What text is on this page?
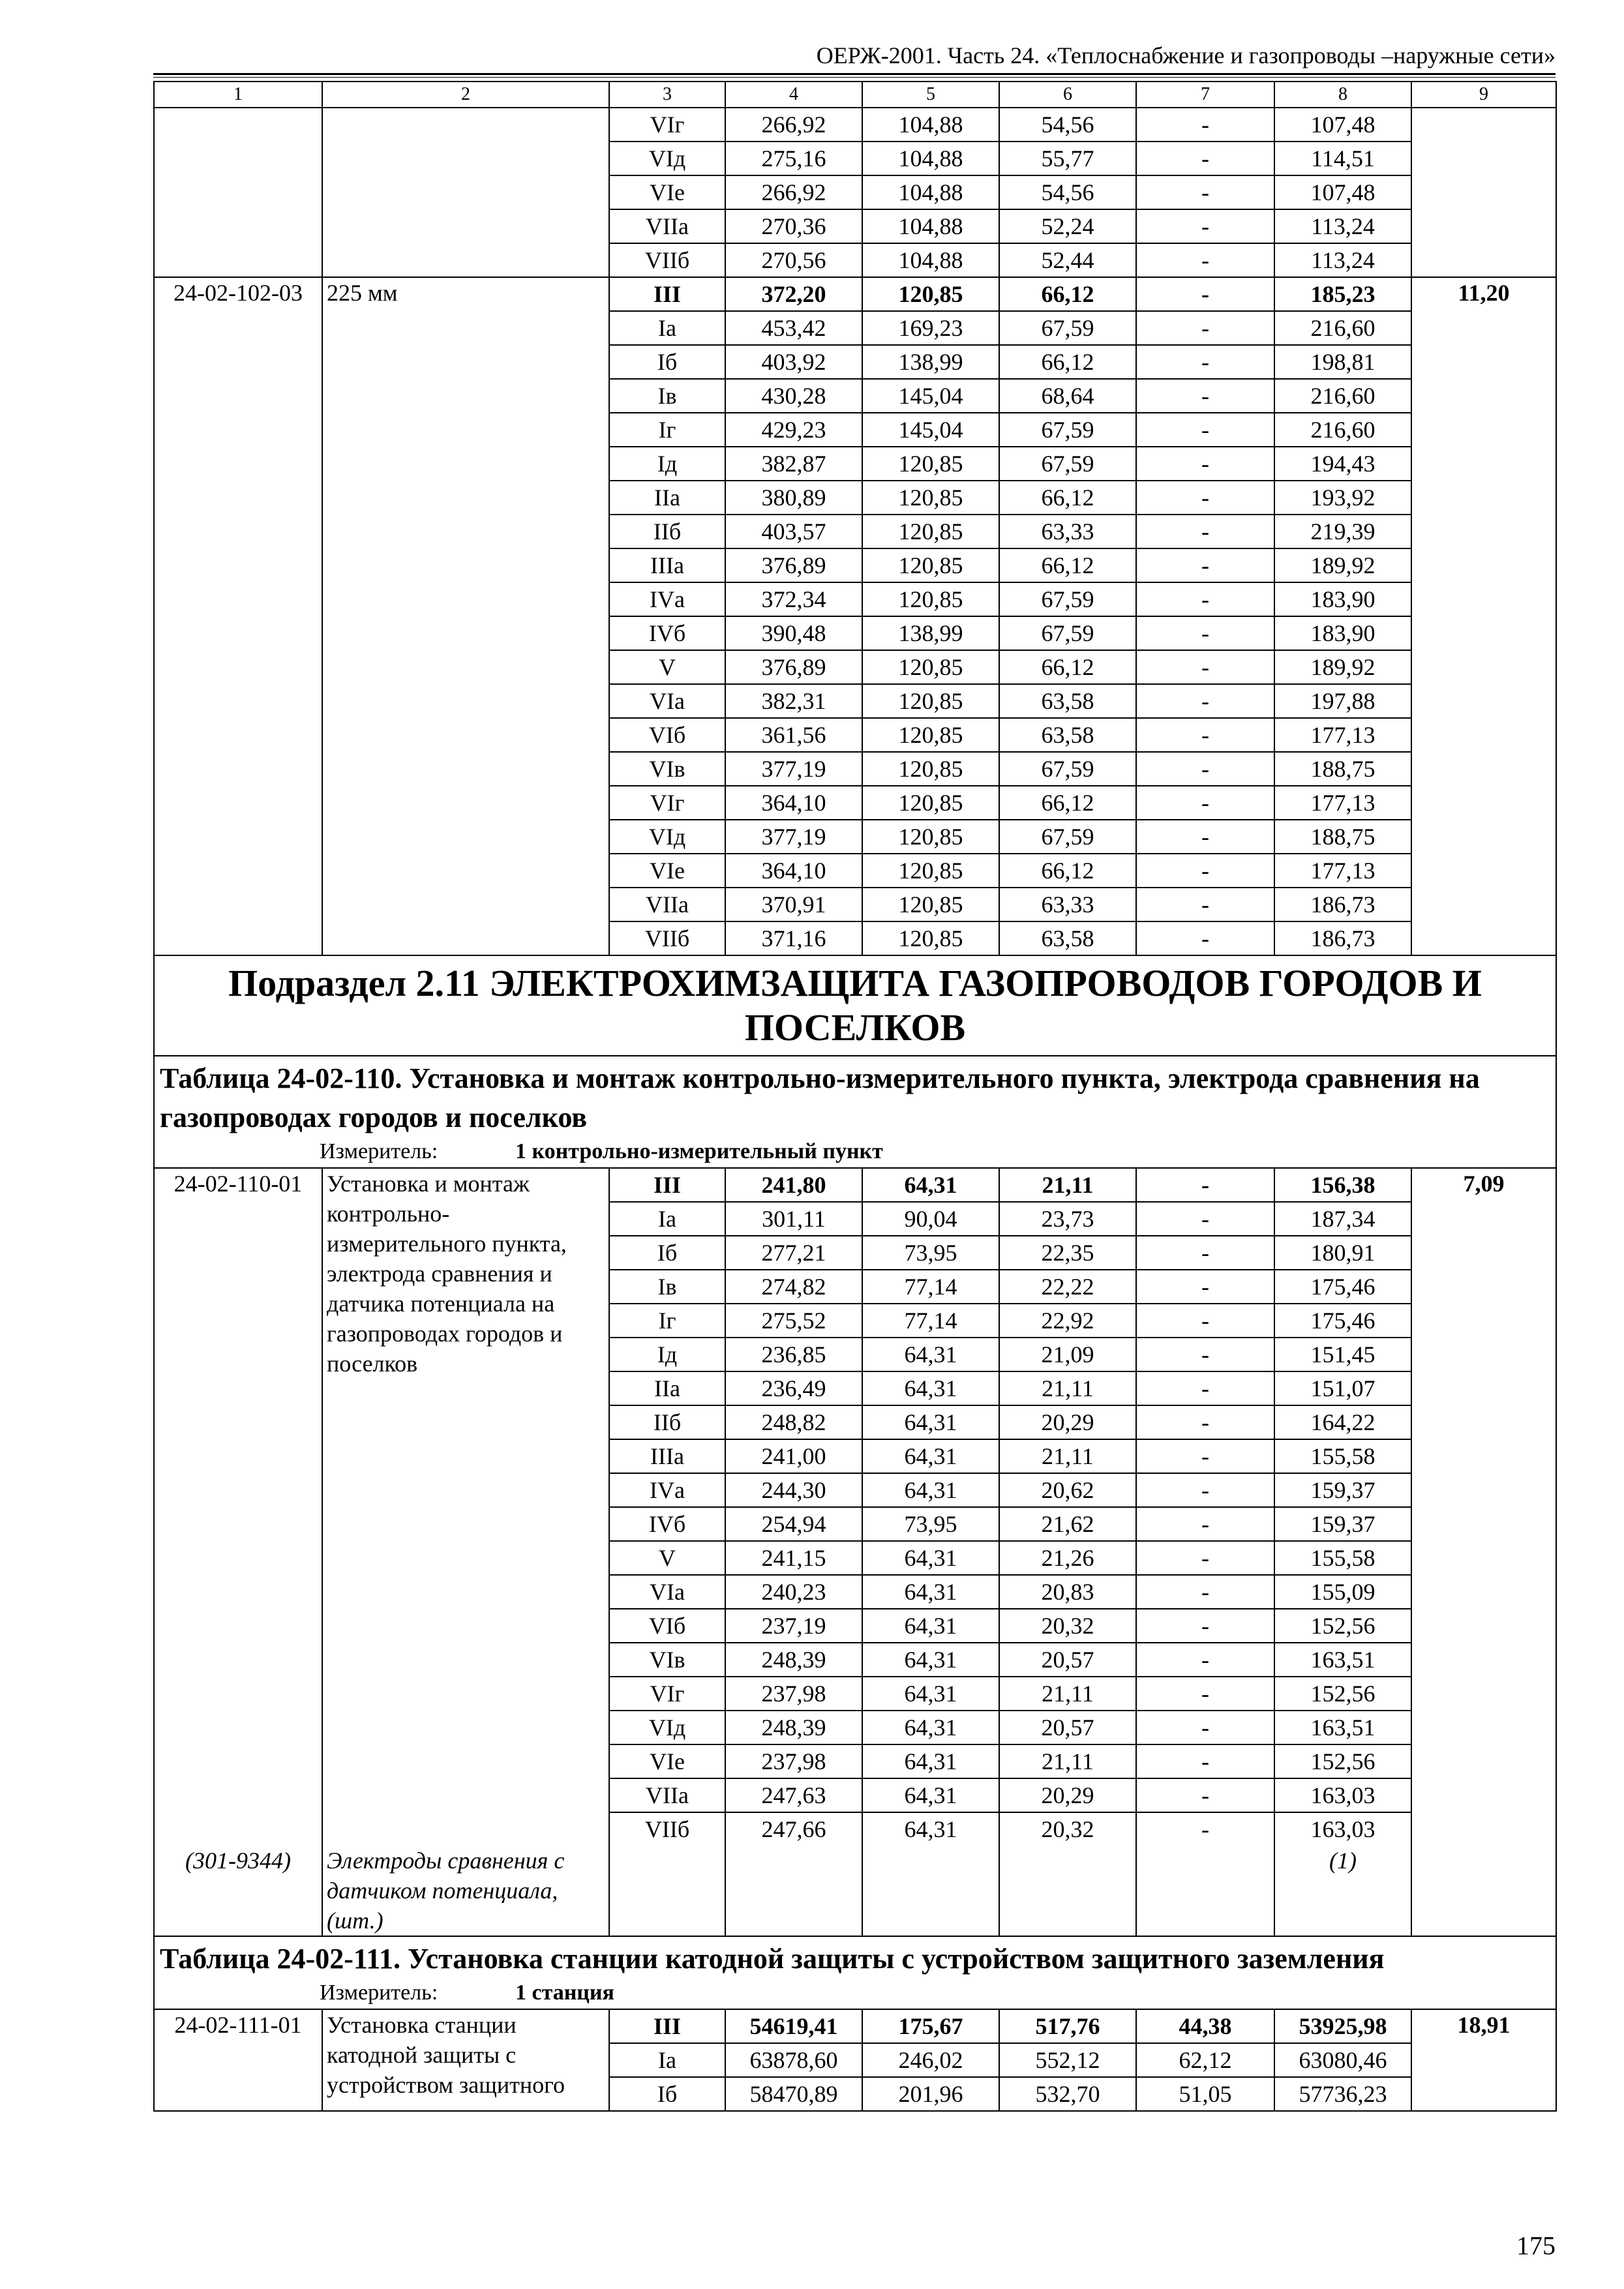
ОЕРЖ-2001. Часть 24. «Теплоснабжение и газопроводы –наружные сети»
1	2	3	4	5	6	7	8	9
		VIг	266,92	104,88	54,56	-	107,48	
		VIд	275,16	104,88	55,77	-	114,51	
		VIе	266,92	104,88	54,56	-	107,48	
		VIIа	270,36	104,88	52,24	-	113,24	
		VIIб	270,56	104,88	52,44	-	113,24	
24-02-102-03	225 мм	III	372,20	120,85	66,12	-	185,23	11,20
		Iа	453,42	169,23	67,59	-	216,60	
		Iб	403,92	138,99	66,12	-	198,81	
		Iв	430,28	145,04	68,64	-	216,60	
		Iг	429,23	145,04	67,59	-	216,60	
		Iд	382,87	120,85	67,59	-	194,43	
		IIа	380,89	120,85	66,12	-	193,92	
		IIб	403,57	120,85	63,33	-	219,39	
		IIIа	376,89	120,85	66,12	-	189,92	
		IVа	372,34	120,85	67,59	-	183,90	
		IVб	390,48	138,99	67,59	-	183,90	
		V	376,89	120,85	66,12	-	189,92	
		VIа	382,31	120,85	63,58	-	197,88	
		VIб	361,56	120,85	63,58	-	177,13	
		VIв	377,19	120,85	67,59	-	188,75	
		VIг	364,10	120,85	66,12	-	177,13	
		VIд	377,19	120,85	67,59	-	188,75	
		VIе	364,10	120,85	66,12	-	177,13	
		VIIа	370,91	120,85	63,33	-	186,73	
		VIIб	371,16	120,85	63,58	-	186,73	
Подраздел 2.11 ЭЛЕКТРОХИМЗАЩИТА ГАЗОПРОВОДОВ ГОРОДОВ И ПОСЕЛКОВ								

Таблица 24-02-110. Установка и монтаж контрольно-измерительного пункта, электрода сравнения на газопроводах городов и поселков
Измеритель: 1 контрольно-измерительный пункт								

24-02-110-01	Установка и монтаж контрольно-измерительного пункта, электрода сравнения и датчика потенциала на газопроводах городов и поселков	III	241,80	64,31	21,11	-	156,38	7,09
		Iа	301,11	90,04	23,73	-	187,34	
		Iб	277,21	73,95	22,35	-	180,91	
		Iв	274,82	77,14	22,22	-	175,46	
		Iг	275,52	77,14	22,92	-	175,46	
		Iд	236,85	64,31	21,09	-	151,45	
		IIа	236,49	64,31	21,11	-	151,07	
		IIб	248,82	64,31	20,29	-	164,22	
		IIIа	241,00	64,31	21,11	-	155,58	
		IVа	244,30	64,31	20,62	-	159,37	
		IVб	254,94	73,95	21,62	-	159,37	
		V	241,15	64,31	21,26	-	155,58	
		VIа	240,23	64,31	20,83	-	155,09	
		VIб	237,19	64,31	20,32	-	152,56	
		VIв	248,39	64,31	20,57	-	163,51	
		VIг	237,98	64,31	21,11	-	152,56	
		VIд	248,39	64,31	20,57	-	163,51	
		VIе	237,98	64,31	21,11	-	152,56	
		VIIа	247,63	64,31	20,29	-	163,03	
		VIIб	247,66	64,31	20,32	-	163,03	
(301-9344)	Электроды сравнения с датчиком потенциала, (шт.)						(1)	

Таблица 24-02-111. Установка станции катодной защиты с устройством защитного заземления
Измеритель: 1 станция								

24-02-111-01	Установка станции катодной защиты с устройством защитного	III	54619,41	175,67	517,76	44,38	53925,98	18,91
		Iа	63878,60	246,02	552,12	62,12	63080,46	
		Iб	58470,89	201,96	532,70	51,05	57736,23	
175
